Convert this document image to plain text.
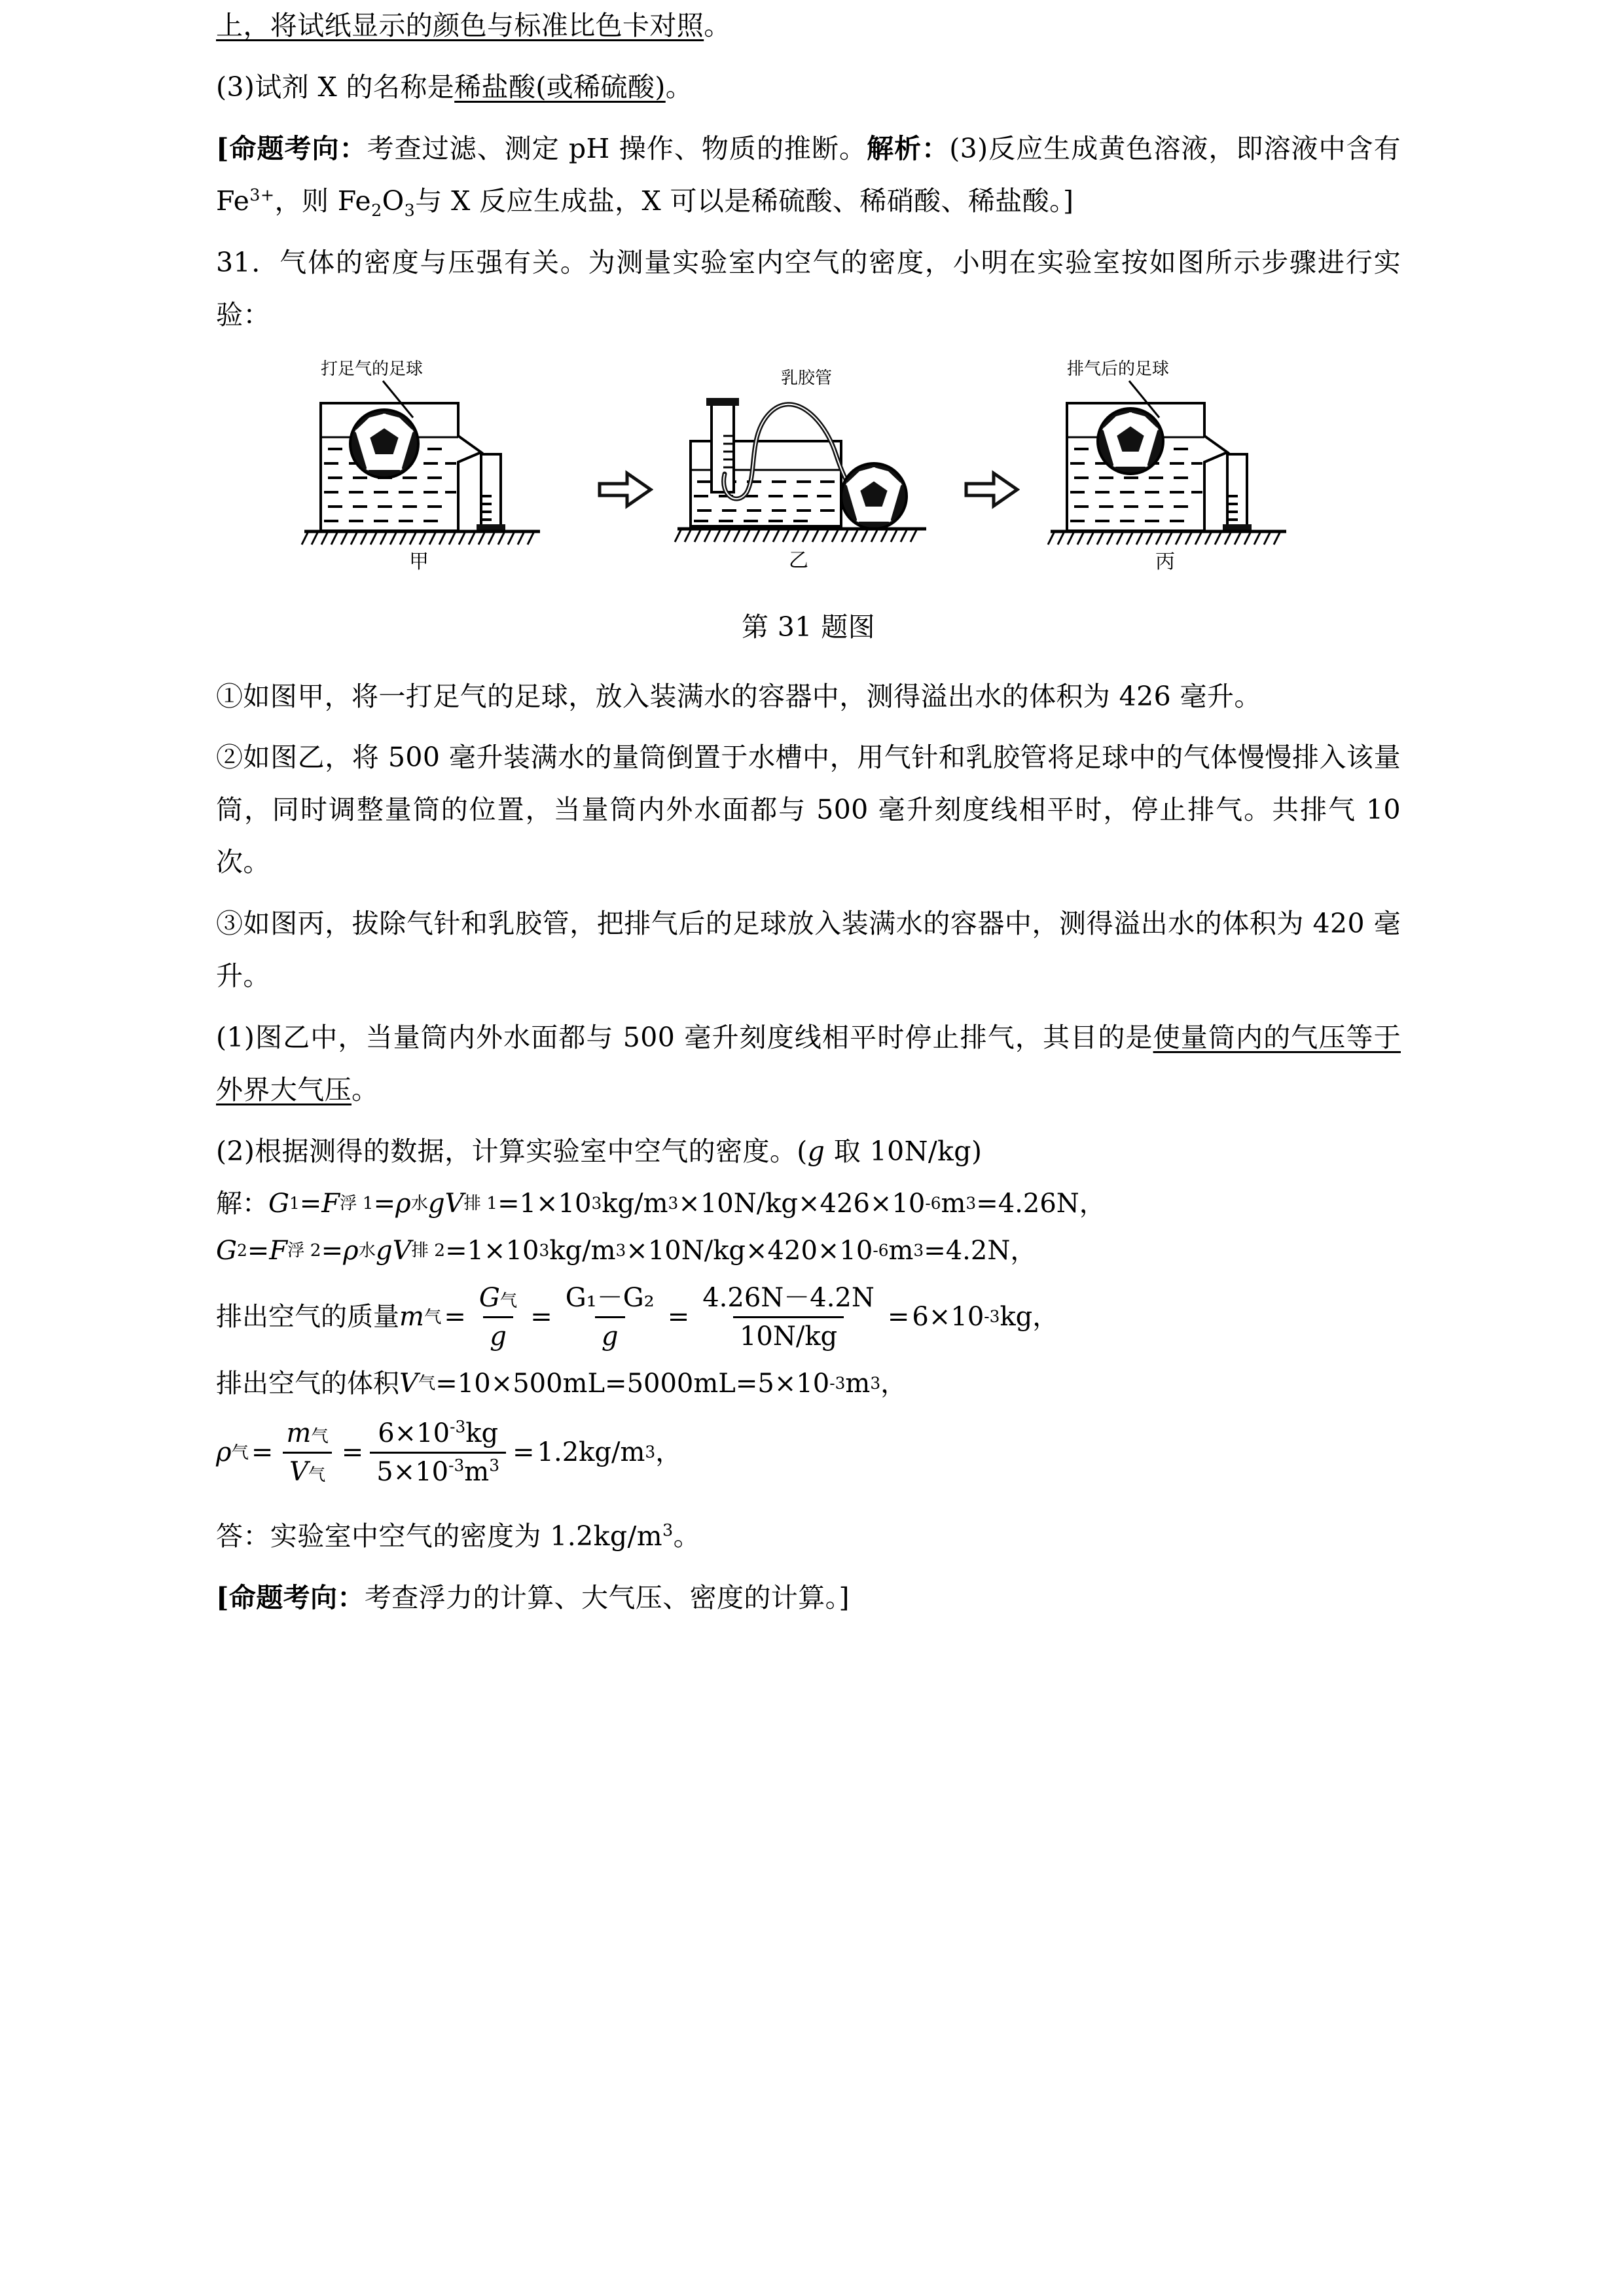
上，将试纸显示的颜色与标准比色卡对照。

(3)试剂 X 的名称是稀盐酸(或稀硫酸)。

[命题考向：考查过滤、测定 pH 操作、物质的推断。解析：(3)反应生成黄色溶液，即溶液中含有 $Fe^{3+}$，则 $Fe_2O_3$与 X 反应生成盐，X 可以是稀硫酸、稀硝酸、稀盐酸。]

31．气体的密度与压强有关。为测量实验室内空气的密度，小明在实验室按如图所示步骤进行实验：

打足气的足球
甲
乳胶管
乙
排气后的足球
丙

第 31 题图

①如图甲，将一打足气的足球，放入装满水的容器中，测得溢出水的体积为 426 毫升。

②如图乙，将 500 毫升装满水的量筒倒置于水槽中，用气针和乳胶管将足球中的气体慢慢排入该量筒，同时调整量筒的位置，当量筒内外水面都与 500 毫升刻度线相平时，停止排气。共排气 10 次。

③如图丙，拔除气针和乳胶管，把排气后的足球放入装满水的容器中，测得溢出水的体积为 420 毫升。

(1)图乙中，当量筒内外水面都与 500 毫升刻度线相平时停止排气，其目的是使量筒内的气压等于外界大气压。

(2)根据测得的数据，计算实验室中空气的密度。(g 取 10N/kg)

解： G 1 = F 浮 1 = ρ 水 g V 排 1 = 1×10 3 kg/m 3 ×10N/kg×426×10 -6 m 3 =4.26N，
G 2 = F 浮 2 = ρ 水 g V 排 2 = 1×10 3 kg/m 3 ×10N/kg×420×10 -6 m 3 =4.2N，
排出空气的质量 m 气 = $\frac{\text{G气}}{g} = \frac{\text{G₁－G₂}}{g} = \frac{4.26N-4.2N}{10N/kg} = 6\times 10$ -3 kg，
排出空气的体积 V 气 =10×500mL=5000mL=5×10 -3 m 3 ，
ρ 气 = $\frac{\text{m气}}{\text{V气}} = \frac{6\times 10^{-3}kg}{5\times 10^{-3}m^3} = 1.2kg/m$ 3 ，

答：实验室中空气的密度为 $1.2kg/m^3$。

[命题考向：考查浮力的计算、大气压、密度的计算。]
